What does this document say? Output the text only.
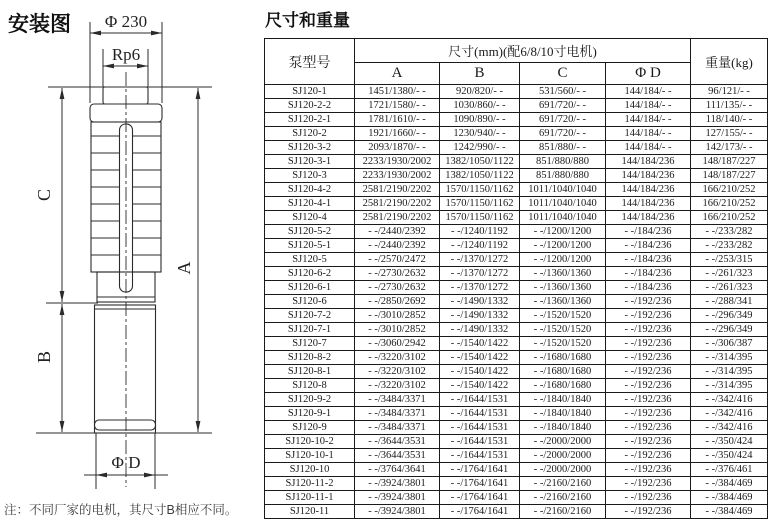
安装图 Φ 230
Rp6
C
B
A
Φ D
注：不同厂家的电机，其尺寸B相应不同。
尺寸和重量
泵型号	尺寸(mm)(配6/8/10寸电机)				重量(kg)
	A	B	C	Φ D	
SJ120-1	1451/1380/- -	920/820/- -	531/560/- -	144/184/- -	96/121/- -
SJ120-2-2	1721/1580/- -	1030/860/- -	691/720/- -	144/184/- -	111/135/- -
SJ120-2-1	1781/1610/- -	1090/890/- -	691/720/- -	144/184/- -	118/140/- -
SJ120-2	1921/1660/- -	1230/940/- -	691/720/- -	144/184/- -	127/155/- -
SJ120-3-2	2093/1870/- -	1242/990/- -	851/880/- -	144/184/- -	142/173/- -
SJ120-3-1	2233/1930/2002	1382/1050/1122	851/880/880	144/184/236	148/187/227
SJ120-3	2233/1930/2002	1382/1050/1122	851/880/880	144/184/236	148/187/227
SJ120-4-2	2581/2190/2202	1570/1150/1162	1011/1040/1040	144/184/236	166/210/252
SJ120-4-1	2581/2190/2202	1570/1150/1162	1011/1040/1040	144/184/236	166/210/252
SJ120-4	2581/2190/2202	1570/1150/1162	1011/1040/1040	144/184/236	166/210/252
SJ120-5-2	- -/2440/2392	- -/1240/1192	- -/1200/1200	- -/184/236	- -/233/282
SJ120-5-1	- -/2440/2392	- -/1240/1192	- -/1200/1200	- -/184/236	- -/233/282
SJ120-5	- -/2570/2472	- -/1370/1272	- -/1200/1200	- -/184/236	- -/253/315
SJ120-6-2	- -/2730/2632	- -/1370/1272	- -/1360/1360	- -/184/236	- -/261/323
SJ120-6-1	- -/2730/2632	- -/1370/1272	- -/1360/1360	- -/184/236	- -/261/323
SJ120-6	- -/2850/2692	- -/1490/1332	- -/1360/1360	- -/192/236	- -/288/341
SJ120-7-2	- -/3010/2852	- -/1490/1332	- -/1520/1520	- -/192/236	- -/296/349
SJ120-7-1	- -/3010/2852	- -/1490/1332	- -/1520/1520	- -/192/236	- -/296/349
SJ120-7	- -/3060/2942	- -/1540/1422	- -/1520/1520	- -/192/236	- -/306/387
SJ120-8-2	- -/3220/3102	- -/1540/1422	- -/1680/1680	- -/192/236	- -/314/395
SJ120-8-1	- -/3220/3102	- -/1540/1422	- -/1680/1680	- -/192/236	- -/314/395
SJ120-8	- -/3220/3102	- -/1540/1422	- -/1680/1680	- -/192/236	- -/314/395
SJ120-9-2	- -/3484/3371	- -/1644/1531	- -/1840/1840	- -/192/236	- -/342/416
SJ120-9-1	- -/3484/3371	- -/1644/1531	- -/1840/1840	- -/192/236	- -/342/416
SJ120-9	- -/3484/3371	- -/1644/1531	- -/1840/1840	- -/192/236	- -/342/416
SJ120-10-2	- -/3644/3531	- -/1644/1531	- -/2000/2000	- -/192/236	- -/350/424
SJ120-10-1	- -/3644/3531	- -/1644/1531	- -/2000/2000	- -/192/236	- -/350/424
SJ120-10	- -/3764/3641	- -/1764/1641	- -/2000/2000	- -/192/236	- -/376/461
SJ120-11-2	- -/3924/3801	- -/1764/1641	- -/2160/2160	- -/192/236	- -/384/469
SJ120-11-1	- -/3924/3801	- -/1764/1641	- -/2160/2160	- -/192/236	- -/384/469
SJ120-11	- -/3924/3801	- -/1764/1641	- -/2160/2160	- -/192/236	- -/384/469
